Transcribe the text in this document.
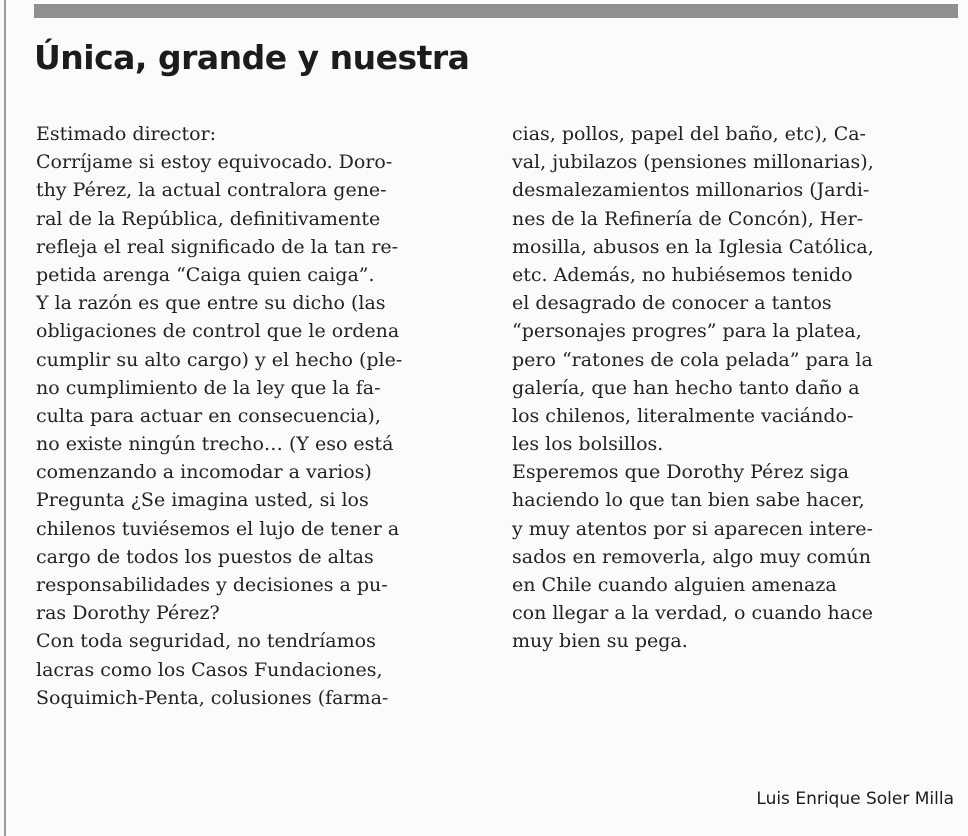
Única, grande y nuestra
Estimado director:
Corríjame si estoy equivocado. Doro-
thy Pérez, la actual contralora gene-
ral de la República, definitivamente
refleja el real significado de la tan re-
petida arenga “Caiga quien caiga”.
Y la razón es que entre su dicho (las
obligaciones de control que le ordena
cumplir su alto cargo) y el hecho (ple-
no cumplimiento de la ley que la fa-
culta para actuar en consecuencia),
no existe ningún trecho… (Y eso está
comenzando a incomodar a varios)
Pregunta ¿Se imagina usted, si los
chilenos tuviésemos el lujo de tener a
cargo de todos los puestos de altas
responsabilidades y decisiones a pu-
ras Dorothy Pérez?
Con toda seguridad, no tendríamos
lacras como los Casos Fundaciones,
Soquimich-Penta, colusiones (farma-
cias, pollos, papel del baño, etc), Ca-
val, jubilazos (pensiones millonarias),
desmalezamientos millonarios (Jardi-
nes de la Refinería de Concón), Her-
mosilla, abusos en la Iglesia Católica,
etc. Además, no hubiésemos tenido
el desagrado de conocer a tantos
“personajes progres” para la platea,
pero “ratones de cola pelada” para la
galería, que han hecho tanto daño a
los chilenos, literalmente vaciándo-
les los bolsillos.
Esperemos que Dorothy Pérez siga
haciendo lo que tan bien sabe hacer,
y muy atentos por si aparecen intere-
sados en removerla, algo muy común
en Chile cuando alguien amenaza
con llegar a la verdad, o cuando hace
muy bien su pega.

Luis Enrique Soler Milla
